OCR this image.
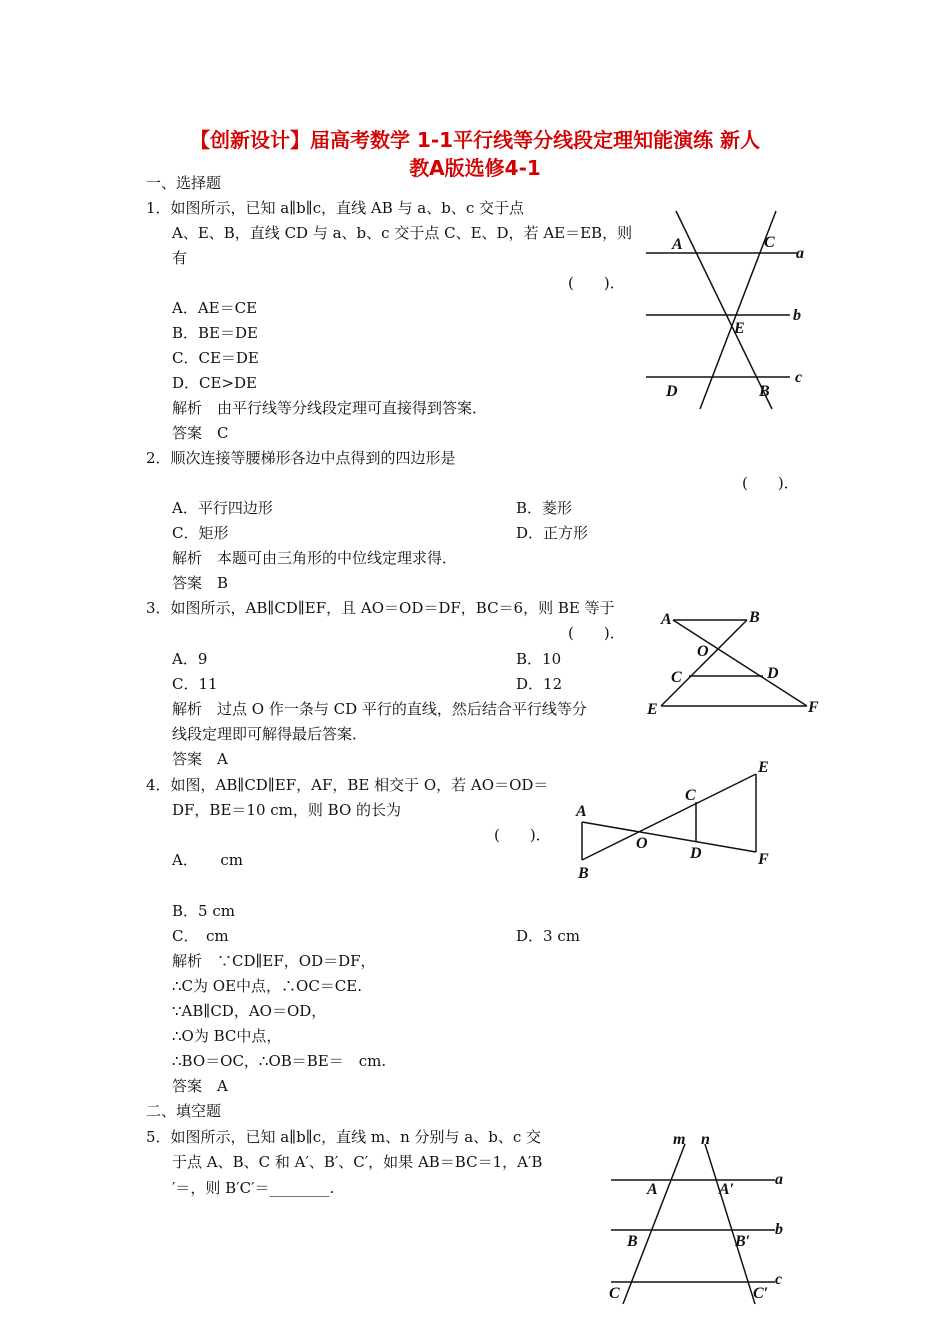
【创新设计】届高考数学 1-1平行线等分线段定理知能演练 新人
教A版选修4-1
一、选择题
1．如图所示，已知 a∥b∥c，直线 AB 与 a、b、c 交于点
A、E、B，直线 CD 与 a、b、c 交于点 C、E、D，若 AE＝EB，则
有
(　　)．
A．AE＝CE
B．BE＝DE
C．CE＝DE
D．CE>DE
解析　由平行线等分线段定理可直接得到答案．
答案　C
2．顺次连接等腰梯形各边中点得到的四边形是
(　　)．
A．平行四边形	B．菱形
C．矩形	D．正方形
解析　本题可由三角形的中位线定理求得．
答案　B
3．如图所示，AB∥CD∥EF，且 AO＝OD＝DF，BC＝6，则 BE 等于
(　　)．
A．9	B．10
C．11	D．12
解析　过点 O 作一条与 CD 平行的直线，然后结合平行线等分
线段定理即可解得最后答案．
答案　A
4．如图，AB∥CD∥EF，AF，BE 相交于 O，若 AO＝OD＝
DF，BE＝10 cm，则 BO 的长为
(　　)．
A．　　cm
B．5 cm
C．　cm	D．3 cm
解析　∵CD∥EF，OD＝DF，
∴C为 OE中点，∴OC＝CE.
∵AB∥CD，AO＝OD，
∴O为 BC中点，
∴BO＝OC，∴OB＝BE＝　cm.
答案　A
二、填空题
5．如图所示，已知 a∥b∥c，直线 m、n 分别与 a、b、c 交
于点 A、B、C 和 A′、B′、C′，如果 AB＝BC＝1，A′B
′＝，则 B′C′＝________.
A	C
a
b
E
c
D	B
A	B
O
C	D
E	F
E
A
C
O
D	F
B
m n
a
A	A′
b
B	B′
c
C	C′
